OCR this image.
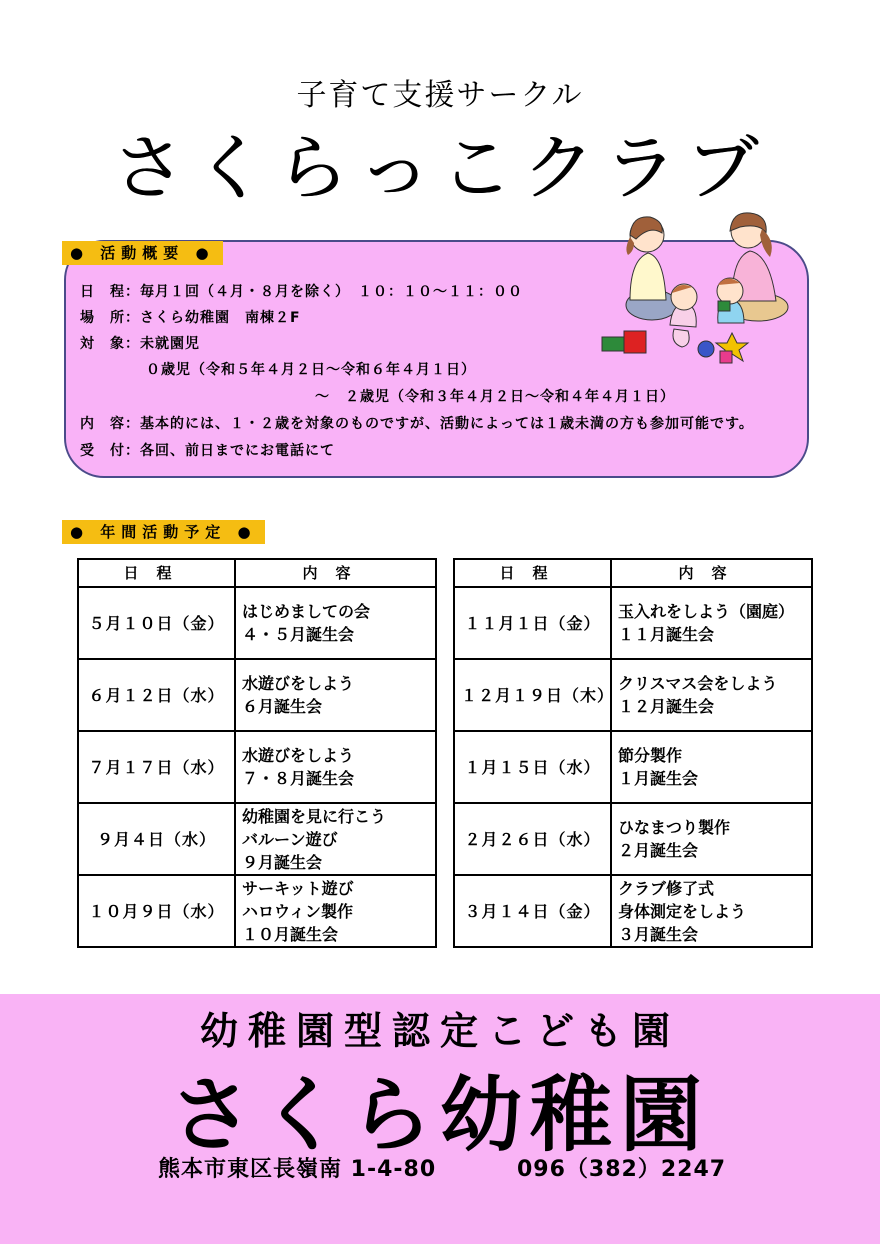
子育て支援サークル
さくらっこクラブ
● 活動概要 ●
日　程：毎月１回（４月・８月を除く）　１０：１０～１１：００
場　所：さくら幼稚園　南棟２F
対　象：未就園児
０歳児（令和５年４月２日～令和６年４月１日）
～　２歳児（令和３年４月２日～令和４年４月１日）
内　容：基本的には、１・２歳を対象のものですが、活動によっては１歳未満の方も参加可能です。
受　付：各回、前日までにお電話にて
● 年間活動予定 ●
日程	内容
５月１０日（金）	はじめましての会
４・５月誕生会

６月１２日（水）	水遊びをしよう
６月誕生会

７月１７日（水）	水遊びをしよう
７・８月誕生会

９月４日（水）	幼稚園を見に行こう
バルーン遊び
９月誕生会

１０月９日（水）	サーキット遊び
ハロウィン製作
１０月誕生会
日程	内容
１１月１日（金）	玉入れをしよう（園庭）
１１月誕生会

１２月１９日（木）	クリスマス会をしよう
１２月誕生会

１月１５日（水）	節分製作
１月誕生会

２月２６日（水）	ひなまつり製作
２月誕生会

３月１４日（金）	クラブ修了式
身体測定をしよう
３月誕生会
幼稚園型認定こども園
さくら幼稚園
熊本市東区長嶺南 1-4-80	096（382）2247
